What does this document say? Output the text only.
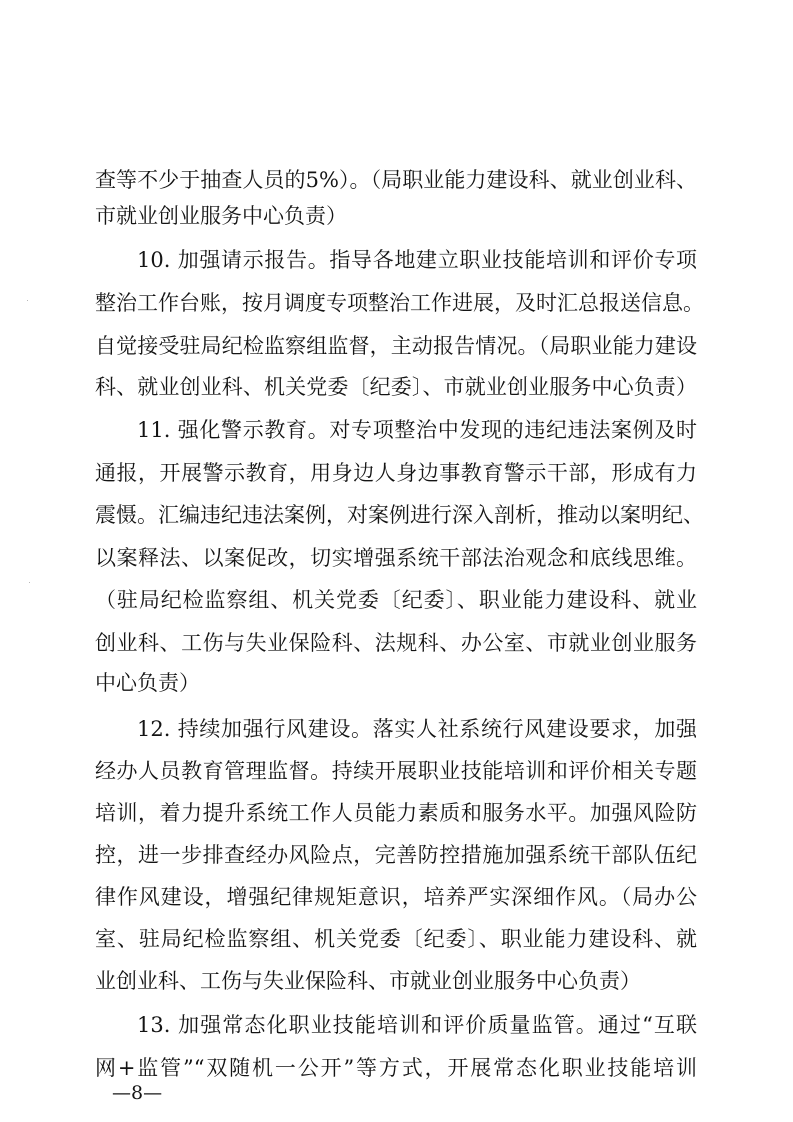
查等不少于抽查人员的5%）。（局职业能力建设科、就业创业科、
市就业创业服务中心负责）
10. 加强请示报告。指导各地建立职业技能培训和评价专项
整治工作台账，按月调度专项整治工作进展，及时汇总报送信息。
自觉接受驻局纪检监察组监督，主动报告情况。（局职业能力建设
科、就业创业科、机关党委〔纪委〕、市就业创业服务中心负责）
11. 强化警示教育。对专项整治中发现的违纪违法案例及时
通报，开展警示教育，用身边人身边事教育警示干部，形成有力
震慑。汇编违纪违法案例，对案例进行深入剖析，推动以案明纪、
以案释法、以案促改，切实增强系统干部法治观念和底线思维。
（驻局纪检监察组、机关党委〔纪委〕、职业能力建设科、就业
创业科、工伤与失业保险科、法规科、办公室、市就业创业服务
中心负责）
12. 持续加强行风建设。落实人社系统行风建设要求，加强
经办人员教育管理监督。持续开展职业技能培训和评价相关专题
培训，着力提升系统工作人员能力素质和服务水平。加强风险防
控，进一步排查经办风险点，完善防控措施加强系统干部队伍纪
律作风建设，增强纪律规矩意识，培养严实深细作风。（局办公
室、驻局纪检监察组、机关党委〔纪委〕、职业能力建设科、就
业创业科、工伤与失业保险科、市就业创业服务中心负责）
13. 加强常态化职业技能培训和评价质量监管。通过“互联
网+监管”“双随机一公开”等方式，开展常态化职业技能培训
—8—
